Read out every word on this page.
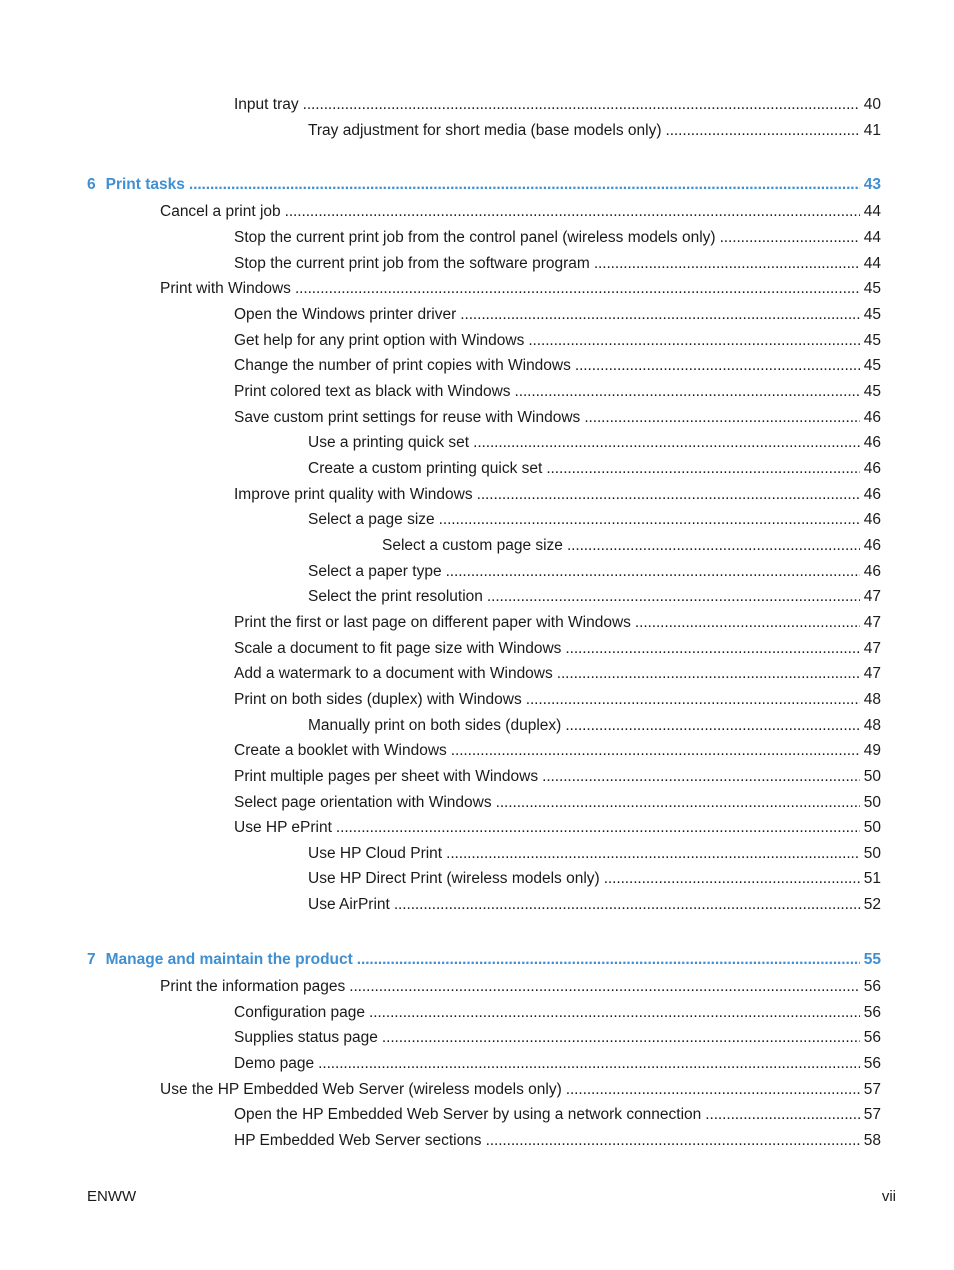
Input tray . . .	40
Tray adjustment for short media (base models only) . . .	41
6 Print tasks . . .	43
Cancel a print job . . .	44
Stop the current print job from the control panel (wireless models only) . . .	44
Stop the current print job from the software program . . .	44
Print with Windows . . .	45
Open the Windows printer driver . . .	45
Get help for any print option with Windows . . .	45
Change the number of print copies with Windows . . .	45
Print colored text as black with Windows . . .	45
Save custom print settings for reuse with Windows . . .	46
Use a printing quick set . . .	46
Create a custom printing quick set . . .	46
Improve print quality with Windows . . .	46
Select a page size . . .	46
Select a custom page size . . .	46
Select a paper type . . .	46
Select the print resolution . . .	47
Print the first or last page on different paper with Windows . . .	47
Scale a document to fit page size with Windows . . .	47
Add a watermark to a document with Windows . . .	47
Print on both sides (duplex) with Windows . . .	48
Manually print on both sides (duplex) . . .	48
Create a booklet with Windows . . .	49
Print multiple pages per sheet with Windows . . .	50
Select page orientation with Windows . . .	50
Use HP ePrint . . .	50
Use HP Cloud Print . . .	50
Use HP Direct Print (wireless models only) . . .	51
Use AirPrint . . .	52
7 Manage and maintain the product . . .	55
Print the information pages . . .	56
Configuration page . . .	56
Supplies status page . . .	56
Demo page . . .	56
Use the HP Embedded Web Server (wireless models only) . . .	57
Open the HP Embedded Web Server by using a network connection . . .	57
HP Embedded Web Server sections . . .	58
ENWW	vii
